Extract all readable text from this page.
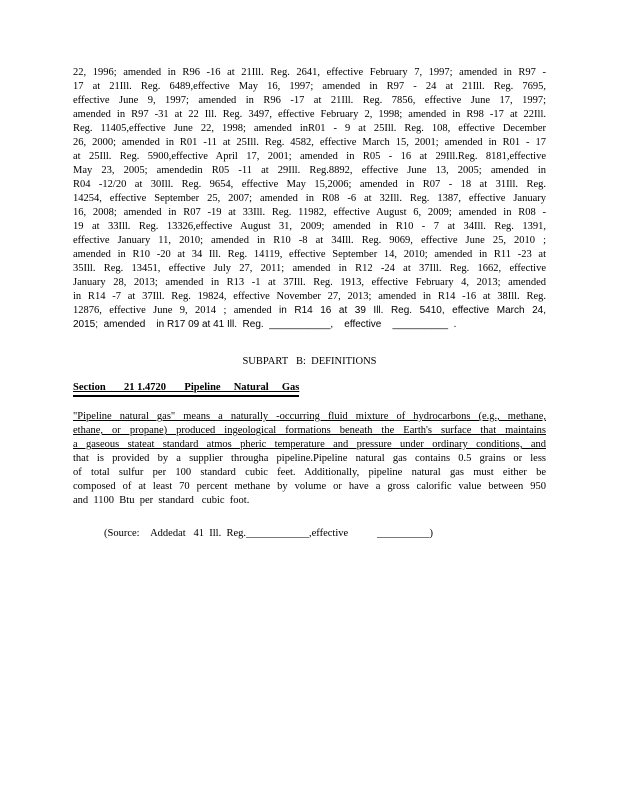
22, 1996; amended in R96 -16 at 21Ill. Reg. 2641, effective February 7, 1997; amended in R97 -
17 at 21Ill. Reg. 6489,effective May 16, 1997; amended in R97 - 24 at 21Ill. Reg. 7695,
effective June 9, 1997; amended in R96 -17 at 21Ill. Reg. 7856, effective June 17, 1997;
amended in R97 -31 at 22 Ill. Reg. 3497, effective February 2, 1998; amended in R98 -17 at 22Ill.
Reg. 11405,effective June 22, 1998; amended inR01 - 9 at 25Ill. Reg. 108, effective December
26, 2000; amended in R01 -11 at 25Ill. Reg. 4582, effective March 15, 2001; amended in R01 - 17
at 25Ill. Reg. 5900,effective April 17, 2001; amended in R05 - 16 at 29Ill.Reg. 8181,effective
May 23, 2005; amendedin R05 -11 at 29Ill. Reg.8892, effective June 13, 2005; amended in
R04 -12/20 at 30Ill. Reg. 9654, effective May 15,2006; amended in R07 - 18 at 31Ill. Reg.
14254, effective September 25, 2007; amended in R08 -6 at 32Ill. Reg. 1387, effective January
16, 2008; amended in R07 -19 at 33Ill. Reg. 11982, effective August 6, 2009; amended in R08 -
19 at 33Ill. Reg. 13326,effective August 31, 2009; amended in R10 - 7 at 34Ill. Reg. 1391,
effective January 11, 2010; amended in R10 -8 at 34Ill. Reg. 9069, effective June 25, 2010 ;
amended in R10 -20 at 34 Ill. Reg. 14119, effective September 14, 2010; amended in R11 -23 at
35Ill. Reg. 13451, effective July 27, 2011; amended in R12 -24 at 37Ill. Reg. 1662, effective
January 28, 2013; amended in R13 -1 at 37Ill. Reg. 1913, effective February 4, 2013; amended
in R14 -7 at 37Ill. Reg. 19824, effective November 27, 2013; amended in R14 -16 at 38Ill. Reg.
12876, effective June 9, 2014 ; amended in R14 16 at 39 Ill. Reg. 5410, effective March 24,
2015;  amended    in R17 09 at 41 Ill.  Reg.  ___________,    effective    __________  .
SUBPART   B:  DEFINITIONS
Section       21 1.4720       Pipeline     Natural     Gas
"Pipeline natural gas" means a naturally -occurring fluid mixture of hydrocarbons (e.g., methane,
ethane, or propane) produced ingeological formations beneath the Earth's surface that maintains
a gaseous stateat standard atmos pheric temperature and pressure under ordinary conditions, and
that is provided by a supplier througha pipeline.Pipeline natural gas contains 0.5 grains or less
of total sulfur per 100 standard cubic feet. Additionally, pipeline natural gas must either be
composed of at least 70 percent methane by volume or have a gross calorific value between 950
and  1100  Btu  per  standard   cubic  foot.
(Source:    Addedat   41  Ill.  Reg.____________,effective           __________)
